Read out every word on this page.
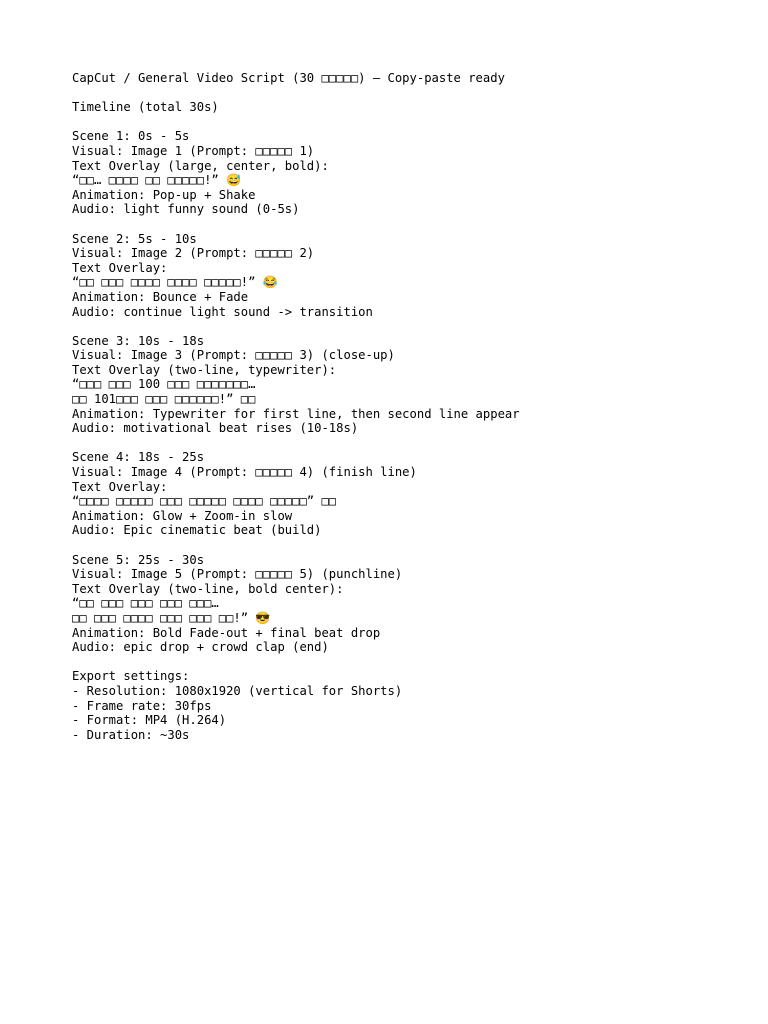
CapCut / General Video Script (30 □□□□□) — Copy-paste ready
Timeline (total 30s)
Scene 1: 0s - 5s
Visual: Image 1 (Prompt: □□□□□ 1)
Text Overlay (large, center, bold):
“□□… □□□□ □□ □□□□□!” 😅
Animation: Pop-up + Shake
Audio: light funny sound (0-5s)
Scene 2: 5s - 10s
Visual: Image 2 (Prompt: □□□□□ 2)
Text Overlay:
“□□ □□□ □□□□ □□□□ □□□□□!” 😂
Animation: Bounce + Fade
Audio: continue light sound -> transition
Scene 3: 10s - 18s
Visual: Image 3 (Prompt: □□□□□ 3) (close-up)
Text Overlay (two-line, typewriter):
“□□□ □□□ 100 □□□ □□□□□□□…
□□ 101□□□ □□□ □□□□□□!” □□
Animation: Typewriter for first line, then second line appear
Audio: motivational beat rises (10-18s)
Scene 4: 18s - 25s
Visual: Image 4 (Prompt: □□□□□ 4) (finish line)
Text Overlay:
“□□□□ □□□□□ □□□ □□□□□ □□□□ □□□□□” □□
Animation: Glow + Zoom-in slow
Audio: Epic cinematic beat (build)
Scene 5: 25s - 30s
Visual: Image 5 (Prompt: □□□□□ 5) (punchline)
Text Overlay (two-line, bold center):
“□□ □□□ □□□ □□□ □□□…
□□ □□□ □□□□ □□□ □□□ □□!” 😎
Animation: Bold Fade-out + final beat drop
Audio: epic drop + crowd clap (end)
Export settings:
- Resolution: 1080x1920 (vertical for Shorts)
- Frame rate: 30fps
- Format: MP4 (H.264)
- Duration: ~30s
